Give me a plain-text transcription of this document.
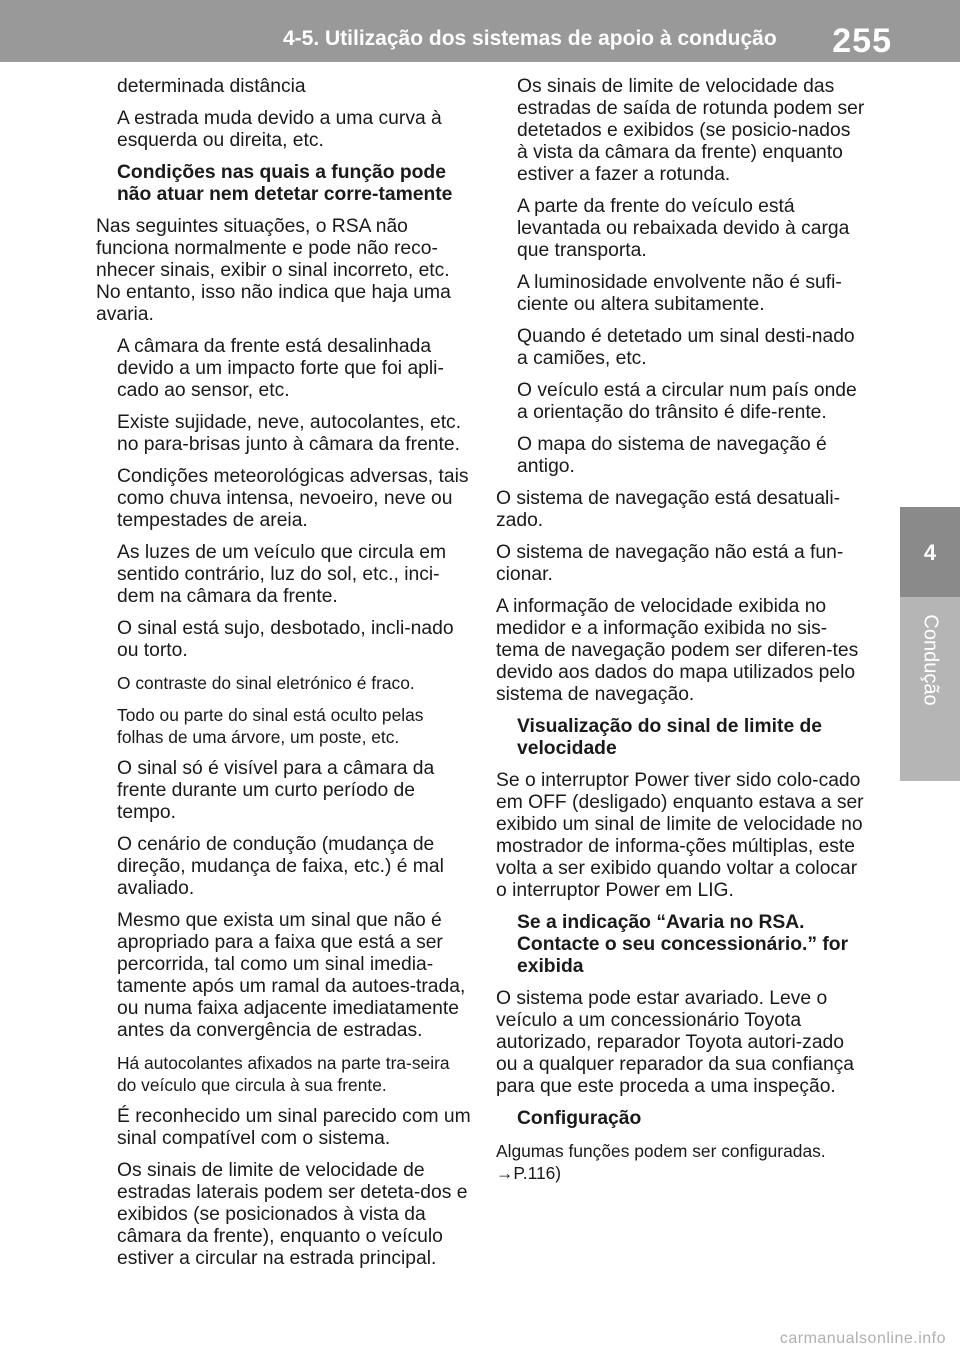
4-5. Utilização dos sistemas de apoio à condução 255
4
Condução
determinada distância
A estrada muda devido a uma curva à esquerda ou direita, etc.
Condições nas quais a função pode não atuar nem detetar corre-tamente
Nas seguintes situações, o RSA não funciona normalmente e pode não reco-nhecer sinais, exibir o sinal incorreto, etc. No entanto, isso não indica que haja uma avaria.
A câmara da frente está desalinhada devido a um impacto forte que foi apli-cado ao sensor, etc.
Existe sujidade, neve, autocolantes, etc. no para-brisas junto à câmara da frente.
Condições meteorológicas adversas, tais como chuva intensa, nevoeiro, neve ou tempestades de areia.
As luzes de um veículo que circula em sentido contrário, luz do sol, etc., inci-dem na câmara da frente.
O sinal está sujo, desbotado, incli-nado ou torto.
O contraste do sinal eletrónico é fraco.
Todo ou parte do sinal está oculto pelas folhas de uma árvore, um poste, etc.
O sinal só é visível para a câmara da frente durante um curto período de tempo.
O cenário de condução (mudança de direção, mudança de faixa, etc.) é mal avaliado.
Mesmo que exista um sinal que não é apropriado para a faixa que está a ser percorrida, tal como um sinal imedia-tamente após um ramal da autoes-trada, ou numa faixa adjacente imediatamente antes da convergência de estradas.
Há autocolantes afixados na parte tra-seira do veículo que circula à sua frente.
É reconhecido um sinal parecido com um sinal compatível com o sistema.
Os sinais de limite de velocidade de estradas laterais podem ser deteta-dos e exibidos (se posicionados à vista da câmara da frente), enquanto o veículo estiver a circular na estrada principal.
Os sinais de limite de velocidade das estradas de saída de rotunda podem ser detetados e exibidos (se posicio-nados à vista da câmara da frente) enquanto estiver a fazer a rotunda.
A parte da frente do veículo está levantada ou rebaixada devido à carga que transporta.
A luminosidade envolvente não é sufi-ciente ou altera subitamente.
Quando é detetado um sinal desti-nado a camiões, etc.
O veículo está a circular num país onde a orientação do trânsito é dife-rente.
O mapa do sistema de navegação é antigo.
O sistema de navegação está desatuali-zado.
O sistema de navegação não está a fun-cionar.
A informação de velocidade exibida no medidor e a informação exibida no sis-tema de navegação podem ser diferen-tes devido aos dados do mapa utilizados pelo sistema de navegação.
Visualização do sinal de limite de velocidade
Se o interruptor Power tiver sido colo-cado em OFF (desligado) enquanto estava a ser exibido um sinal de limite de velocidade no mostrador de informa-ções múltiplas, este volta a ser exibido quando voltar a colocar o interruptor Power em LIG.
Se a indicação “Avaria no RSA. Contacte o seu concessionário.” for exibida
O sistema pode estar avariado. Leve o veículo a um concessionário Toyota autorizado, reparador Toyota autori-zado ou a qualquer reparador da sua confiança para que este proceda a uma inspeção.
Configuração
Algumas funções podem ser configuradas. →P.116)
carmanualsonline.info
